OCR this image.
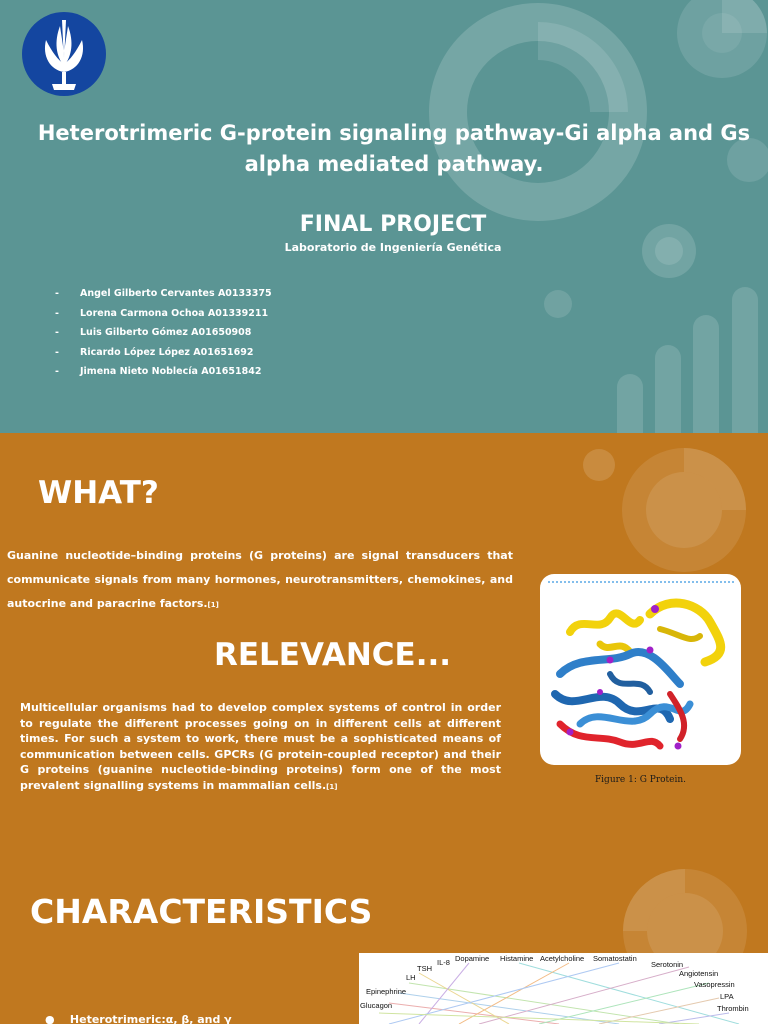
Heterotrimeric G-protein signaling pathway-Gi alpha and Gs alpha mediated pathway.
FINAL PROJECT
Laboratorio de Ingeniería Genética
-	Angel Gilberto Cervantes A0133375
-	Lorena Carmona Ochoa A01339211
-	Luis Gilberto Gómez A01650908
-	Ricardo López López A01651692
-	Jimena Nieto Noblecía A01651842
WHAT?

Guanine nucleotide–binding proteins (G proteins) are signal transducers that communicate signals from many hormones, neurotransmitters, chemokines, and autocrine and paracrine factors.[1]

RELEVANCE...

Multicellular organisms had to develop complex systems of control in order to regulate the different processes going on in different cells at different times. For such a system to work, there must be a sophisticated means of communication between cells. GPCRs (G protein-coupled receptor) and their G proteins (guanine nucleotide-binding proteins) form one of the most prevalent signalling systems in mammalian cells.[1]

Figure 1: G Protein.
CHARACTERISTICS
IL-8
TSH
Dopamine Histamine Acetylcholine Somatostatin
LH
Serotonin
Angiotensin
Epinephrine
Vasopressin
LPA
Glucagon	Thrombin
●    Heterotrimeric:α, β, and γ
